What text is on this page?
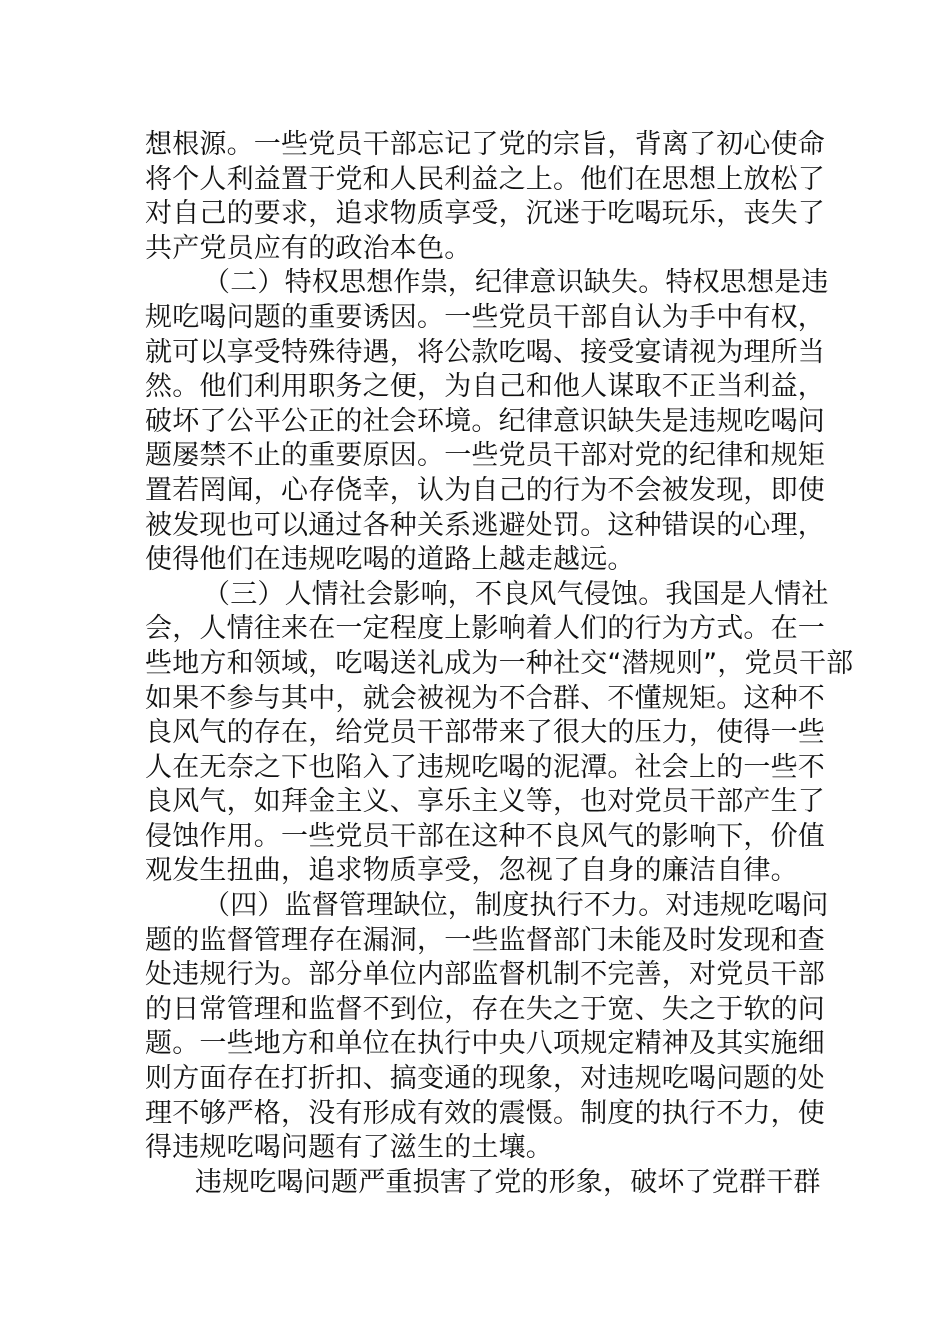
想根源。一些党员干部忘记了党的宗旨，背离了初心使命
将个人利益置于党和人民利益之上。他们在思想上放松了
对自己的要求，追求物质享受，沉迷于吃喝玩乐，丧失了
共产党员应有的政治本色。
（二）特权思想作祟，纪律意识缺失。特权思想是违
规吃喝问题的重要诱因。一些党员干部自认为手中有权，
就可以享受特殊待遇，将公款吃喝、接受宴请视为理所当
然。他们利用职务之便，为自己和他人谋取不正当利益，
破坏了公平公正的社会环境。纪律意识缺失是违规吃喝问
题屡禁不止的重要原因。一些党员干部对党的纪律和规矩
置若罔闻，心存侥幸，认为自己的行为不会被发现，即使
被发现也可以通过各种关系逃避处罚。这种错误的心理，
使得他们在违规吃喝的道路上越走越远。
（三）人情社会影响，不良风气侵蚀。我国是人情社
会，人情往来在一定程度上影响着人们的行为方式。在一
些地方和领域，吃喝送礼成为一种社交“潜规则”，党员干部
如果不参与其中，就会被视为不合群、不懂规矩。这种不
良风气的存在，给党员干部带来了很大的压力，使得一些
人在无奈之下也陷入了违规吃喝的泥潭。社会上的一些不
良风气，如拜金主义、享乐主义等，也对党员干部产生了
侵蚀作用。一些党员干部在这种不良风气的影响下，价值
观发生扭曲，追求物质享受，忽视了自身的廉洁自律。
（四）监督管理缺位，制度执行不力。对违规吃喝问
题的监督管理存在漏洞，一些监督部门未能及时发现和查
处违规行为。部分单位内部监督机制不完善，对党员干部
的日常管理和监督不到位，存在失之于宽、失之于软的问
题。一些地方和单位在执行中央八项规定精神及其实施细
则方面存在打折扣、搞变通的现象，对违规吃喝问题的处
理不够严格，没有形成有效的震慑。制度的执行不力，使
得违规吃喝问题有了滋生的土壤。
违规吃喝问题严重损害了党的形象，破坏了党群干群
